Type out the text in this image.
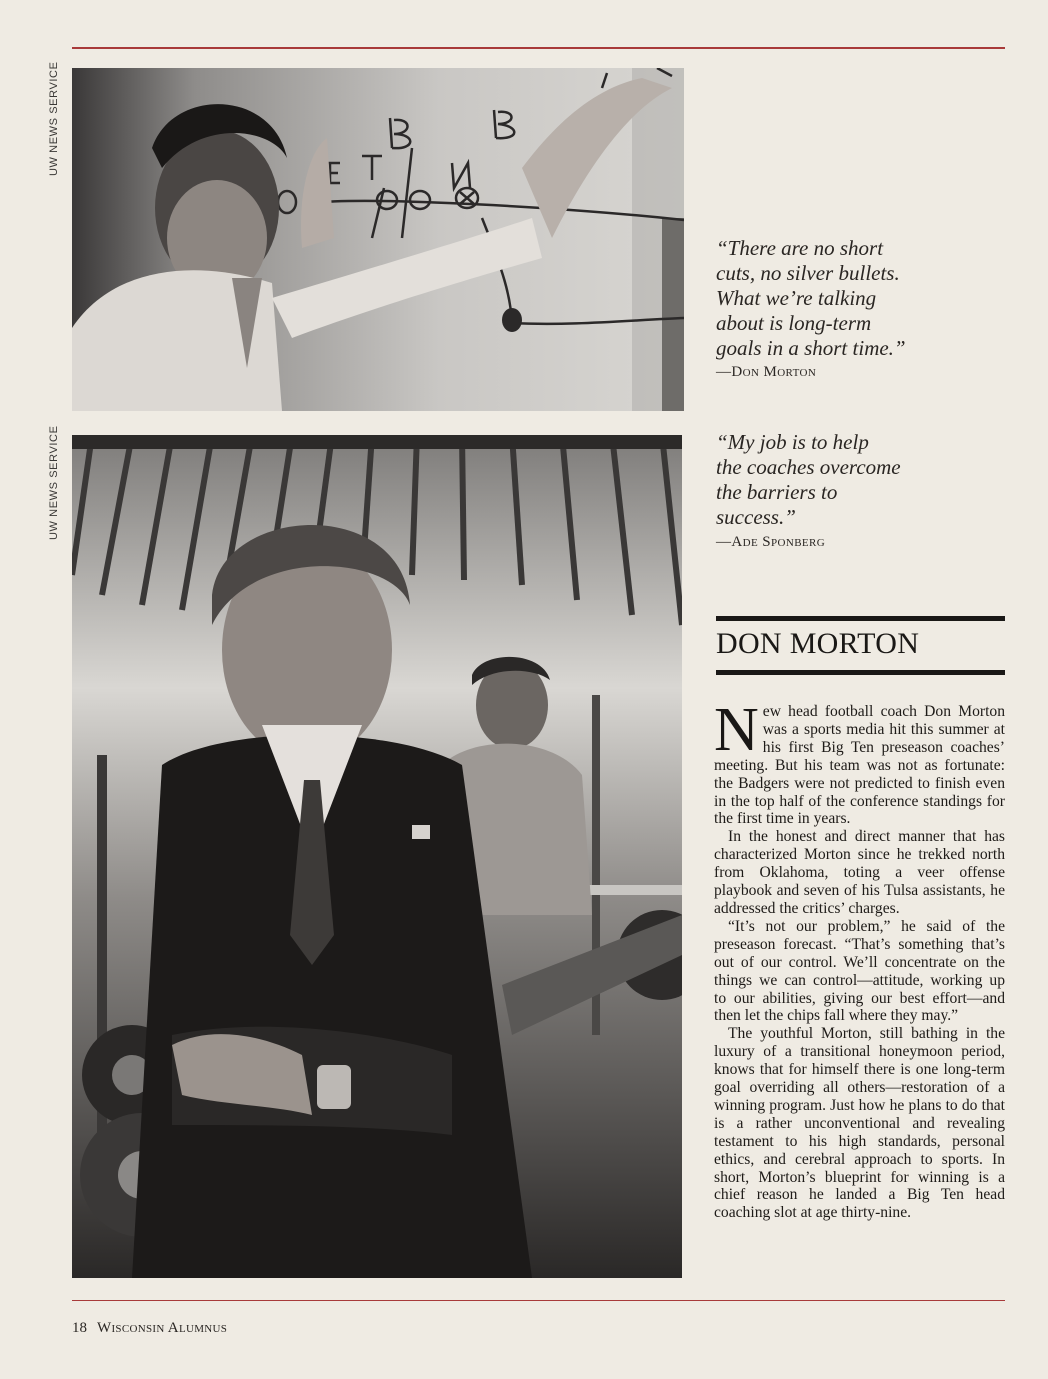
UW NEWS SERVICE
UW NEWS SERVICE
“There are no short
cuts, no silver bullets.
What we’re talking
about is long-term
goals in a short time.”
—Don Morton
“My job is to help
the coaches overcome
the barriers to
success.”
—Ade Sponberg
DON MORTON

New head football coach Don Morton was a sports media hit this summer at his first Big Ten preseason coaches’ meeting. But his team was not as fortunate: the Badgers were not predicted to finish even in the top half of the conference standings for the first time in years.

In the honest and direct manner that has characterized Morton since he trekked north from Oklahoma, toting a veer offense playbook and seven of his Tulsa assistants, he addressed the critics’ charges.

“It’s not our problem,” he said of the preseason forecast. “That’s something that’s out of our control. We’ll concentrate on the things we can control—attitude, working up to our abilities, giving our best effort—and then let the chips fall where they may.”

The youthful Morton, still bathing in the luxury of a transitional honeymoon period, knows that for himself there is one long-term goal overriding all others—restoration of a winning program. Just how he plans to do that is a rather unconventional and revealing testament to his high standards, personal ethics, and cerebral approach to sports. In short, Morton’s blueprint for winning is a chief reason he landed a Big Ten head coaching slot at age thirty-nine.

18 Wisconsin Alumnus
